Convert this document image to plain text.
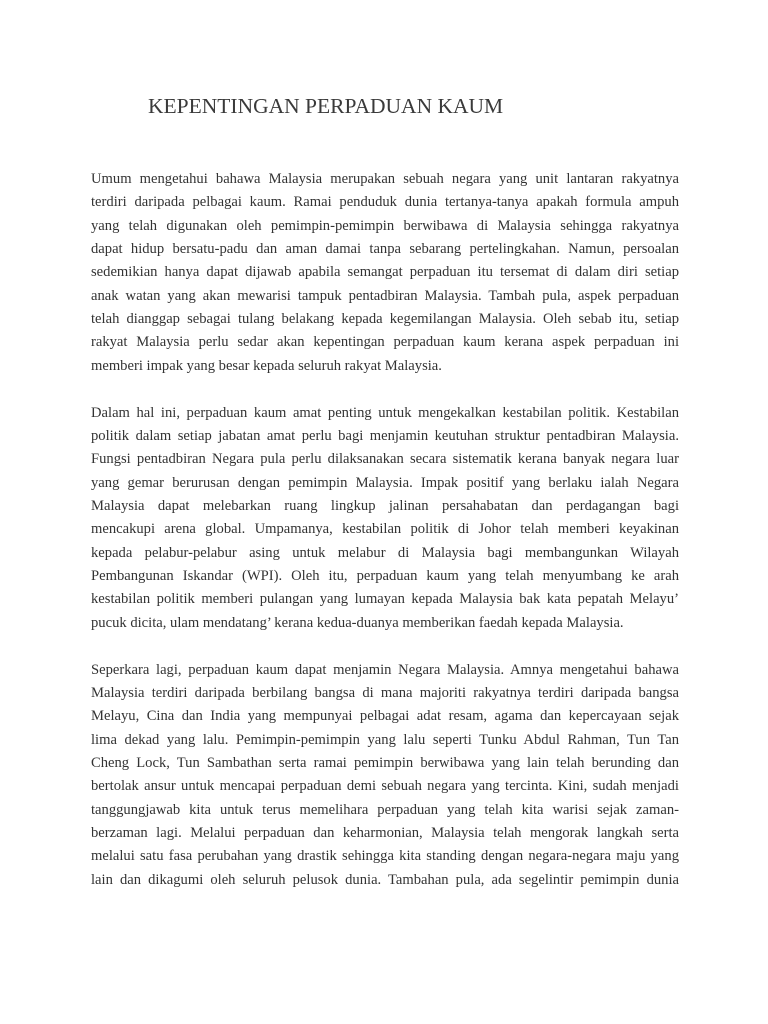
KEPENTINGAN PERPADUAN KAUM

Umum mengetahui bahawa Malaysia merupakan sebuah negara yang unit lantaran rakyatnya
terdiri daripada pelbagai kaum. Ramai penduduk dunia tertanya-tanya apakah formula ampuh
yang telah digunakan oleh pemimpin-pemimpin berwibawa di Malaysia sehingga rakyatnya
dapat hidup bersatu-padu dan aman damai tanpa sebarang pertelingkahan. Namun, persoalan
sedemikian hanya dapat dijawab apabila semangat perpaduan itu tersemat di dalam diri setiap
anak watan yang akan mewarisi tampuk pentadbiran Malaysia. Tambah pula, aspek perpaduan
telah dianggap sebagai tulang belakang kepada kegemilangan Malaysia. Oleh sebab itu, setiap
rakyat Malaysia perlu sedar akan kepentingan perpaduan kaum kerana aspek perpaduan ini
memberi impak yang besar kepada seluruh rakyat Malaysia.

Dalam hal ini, perpaduan kaum amat penting untuk mengekalkan kestabilan politik. Kestabilan
politik dalam setiap jabatan amat perlu bagi menjamin keutuhan struktur pentadbiran Malaysia.
Fungsi pentadbiran Negara pula perlu dilaksanakan secara sistematik kerana banyak negara luar
yang gemar berurusan dengan pemimpin Malaysia. Impak positif yang berlaku ialah Negara
Malaysia dapat melebarkan ruang lingkup jalinan persahabatan dan perdagangan bagi
mencakupi arena global. Umpamanya, kestabilan politik di Johor telah memberi keyakinan
kepada pelabur-pelabur asing untuk melabur di Malaysia bagi membangunkan Wilayah
Pembangunan Iskandar (WPI). Oleh itu, perpaduan kaum yang telah menyumbang ke arah
kestabilan politik memberi pulangan yang lumayan kepada Malaysia bak kata pepatah Melayu’
pucuk dicita, ulam mendatang’ kerana kedua-duanya memberikan faedah kepada Malaysia.

Seperkara lagi, perpaduan kaum dapat menjamin Negara Malaysia. Amnya mengetahui bahawa
Malaysia terdiri daripada berbilang bangsa di mana majoriti rakyatnya terdiri daripada bangsa
Melayu, Cina dan India yang mempunyai pelbagai adat resam, agama dan kepercayaan sejak
lima dekad yang lalu. Pemimpin-pemimpin yang lalu seperti Tunku Abdul Rahman, Tun Tan
Cheng Lock, Tun Sambathan serta ramai pemimpin berwibawa yang lain telah berunding dan
bertolak ansur untuk mencapai perpaduan demi sebuah negara yang tercinta. Kini, sudah menjadi
tanggungjawab kita untuk terus memelihara perpaduan yang telah kita warisi sejak zaman-
berzaman lagi. Melalui perpaduan dan keharmonian, Malaysia telah mengorak langkah serta
melalui satu fasa perubahan yang drastik sehingga kita standing dengan negara-negara maju yang
lain dan dikagumi oleh seluruh pelusok dunia. Tambahan pula, ada segelintir pemimpin dunia
